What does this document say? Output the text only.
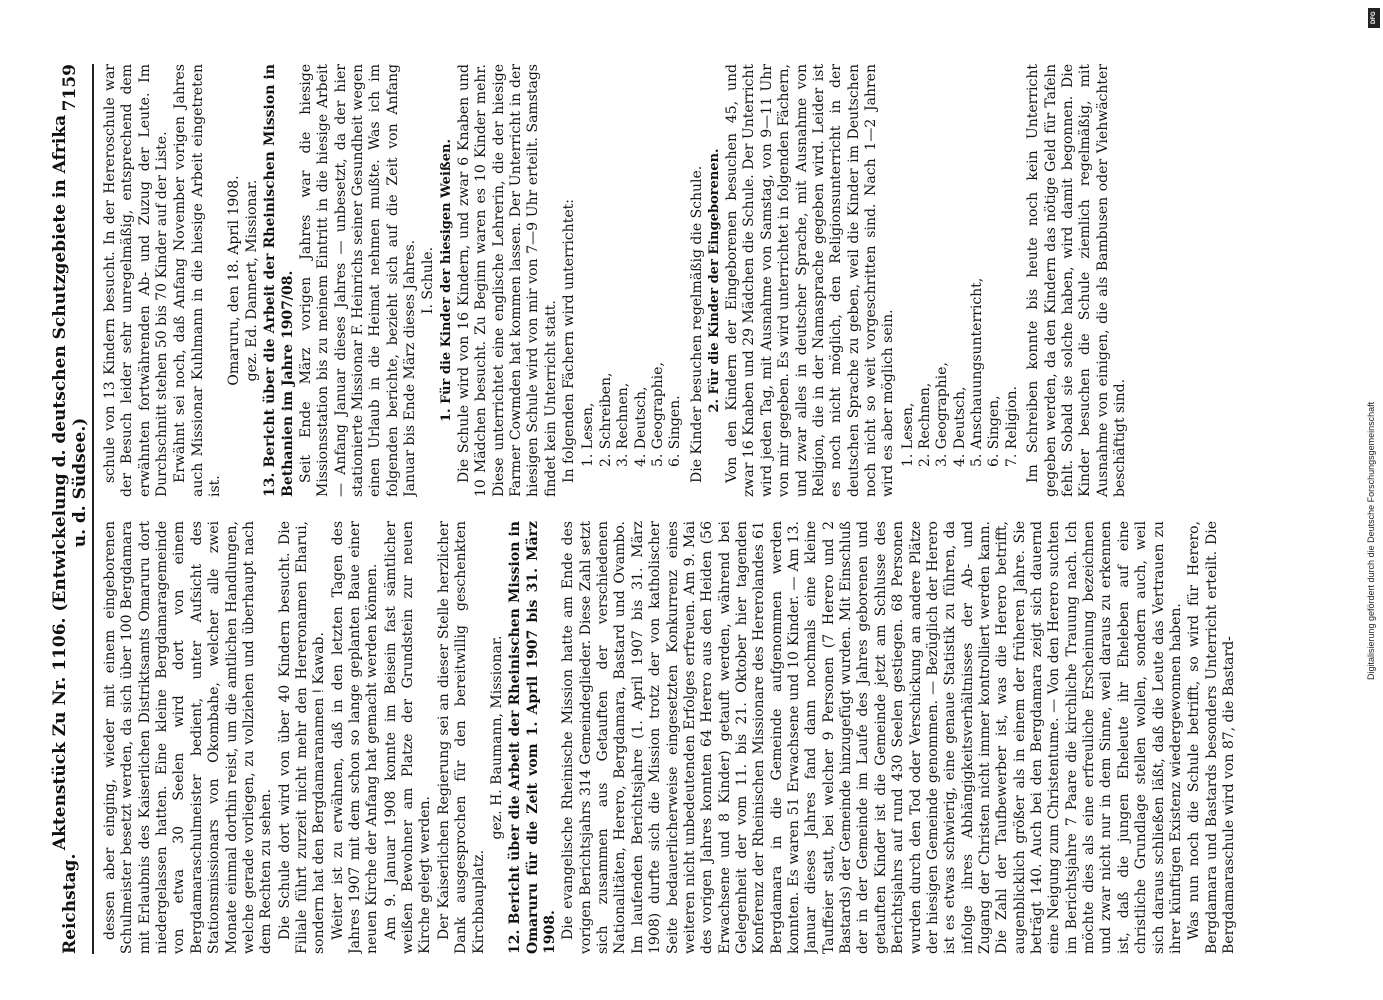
Reichstag.
Aktenstück Zu Nr. 1106. (Entwickelung d. deutschen Schutzgebiete in Afrika u. d. Südsee.)
7159

dessen aber einging, wieder mit einem eingeborenen Schulmeister besetzt werden, da sich über 100 Bergdamara mit Erlaubnis des Kaiserlichen Distriktsamts Omaruru dort niedergelassen hatten. Eine kleine Bergdamaragemeinde von etwa 30 Seelen wird dort von einem Bergdamaraschulmeister bedient, unter Aufsicht des Stationsmissionars von Okombahe, welcher alle zwei Monate einmal dorthin reist, um die amtlichen Handlungen, welche gerade vorliegen, zu vollziehen und überhaupt nach dem Rechten zu sehen. Die Schule dort wird von über 40 Kindern besucht. Die Filiale führt zurzeit nicht mehr den Hereronamen Eharui, sondern hat den Bergdamaranamen ǃ Kawab. Weiter ist zu erwähnen, daß in den letzten Tagen des Jahres 1907 mit dem schon so lange geplanten Baue einer neuen Kirche der Anfang hat gemacht werden können. Am 9. Januar 1908 konnte im Beisein fast sämtlicher weißen Bewohner am Platze der Grundstein zur neuen Kirche gelegt werden. Der Kaiserlichen Regierung sei an dieser Stelle herzlicher Dank ausgesprochen für den bereitwillig geschenkten Kirchbauplatz.

gez. H. Baumann, Missionar. 12. Bericht über die Arbeit der Rheinischen Mission in Omaruru für die Zeit vom 1. April 1907 bis 31. März 1908. Die evangelische Rheinische Mission hatte am Ende des vorigen Berichtsjahrs 314 Gemeindeglieder. Diese Zahl setzt sich zusammen aus Getauften der verschiedenen Nationalitäten, Herero, Bergdamara, Bastard und Ovambo. Im laufenden Berichtsjahre (1. April 1907 bis 31. März 1908) durfte sich die Mission trotz der von katholischer Seite bedauerlicherweise eingesetzten Konkurrenz eines weiteren nicht unbedeutenden Erfolges erfreuen. Am 9. Mai des vorigen Jahres konnten 64 Herero aus den Heiden (56 Erwachsene und 8 Kinder) getauft werden, während bei Gelegenheit der vom 11. bis 21. Oktober hier tagenden Konferenz der Rheinischen Missionare des Hererolandes 61 Bergdamara in die Gemeinde aufgenommen werden konnten. Es waren 51 Erwachsene und 10 Kinder. — Am 13. Januar dieses Jahres fand dann nochmals eine kleine Tauffeier statt, bei welcher 9 Personen (7 Herero und 2 Bastards) der Gemeinde hinzugefügt wurden. Mit Einschluß der in der Gemeinde im Laufe des Jahres geborenen und getauften Kinder ist die Gemeinde jetzt am Schlusse des Berichtsjahrs auf rund 430 Seelen gestiegen. 68 Personen wurden durch den Tod oder Verschickung an andere Plätze der hiesigen Gemeinde genommen. — Bezüglich der Herero ist es etwas schwierig, eine genaue Statistik zu führen, da infolge ihres Abhängigkeitsverhältnisses der Ab- und Zugang der Christen nicht immer kontrolliert werden kann. Die Zahl der Taufbewerber ist, was die Herero betrifft, augenblicklich größer als in einem der früheren Jahre. Sie beträgt 140. Auch bei den Bergdamara zeigt sich dauernd eine Neigung zum Christentume. — Von den Herero suchten im Berichtsjahre 7 Paare die kirchliche Trauung nach. Ich möchte dies als eine erfreuliche Erscheinung bezeichnen und zwar nicht nur in dem Sinne, weil daraus zu erkennen ist, daß die jungen Eheleute ihr Eheleben auf eine christliche Grundlage stellen wollen, sondern auch, weil sich daraus schließen läßt, daß die Leute das Vertrauen zu ihrer künftigen Existenz wiedergewonnen haben. Was nun noch die Schule betrifft, so wird für Herero, Bergdamara und Bastards besonders Unterricht erteilt. Die Bergdamaraschule wird von 87, die Bastard-

schule von 13 Kindern besucht. In der Hereroschule war der Besuch leider sehr unregelmäßig, entsprechend dem erwähnten fortwährenden Ab- und Zuzug der Leute. Im Durchschnitt stehen 50 bis 70 Kinder auf der Liste. Erwähnt sei noch, daß Anfang November vorigen Jahres auch Missionar Kuhlmann in die hiesige Arbeit eingetreten ist.

Omaruru, den 18. April 1908. gez. Ed. Dannert, Missionar. 13. Bericht über die Arbeit der Rheinischen Mission in Bethanien im Jahre 1907/08. Seit Ende März vorigen Jahres war die hiesige Missionsstation bis zu meinem Eintritt in die hiesige Arbeit — Anfang Januar dieses Jahres — unbesetzt, da der hier stationierte Missionar F. Heinrichs seiner Gesundheit wegen einen Urlaub in die Heimat nehmen mußte. Was ich im folgenden berichte, bezieht sich auf die Zeit von Anfang Januar bis Ende März dieses Jahres. I. Schule. 1. Für die Kinder der hiesigen Weißen. Die Schule wird von 16 Kindern, und zwar 6 Knaben und 10 Mädchen besucht. Zu Beginn waren es 10 Kinder mehr. Diese unterrichtet eine englische Lehrerin, die der hiesige Farmer Cowmden hat kommen lassen. Der Unterricht in der hiesigen Schule wird von mir von 7—9 Uhr erteilt. Samstags findet kein Unterricht statt. In folgenden Fächern wird unterrichtet: 1. Lesen, 2. Schreiben, 3. Rechnen, 4. Deutsch, 5. Geographie, 6. Singen. Die Kinder besuchen regelmäßig die Schule. 2. Für die Kinder der Eingeborenen. Von den Kindern der Eingeborenen besuchen 45, und zwar 16 Knaben und 29 Mädchen die Schule. Der Unterricht wird jeden Tag, mit Ausnahme von Samstag, von 9—11 Uhr von mir gegeben. Es wird unterrichtet in folgenden Fächern, und zwar alles in deutscher Sprache, mit Ausnahme von Religion, die in der Namasprache gegeben wird. Leider ist es noch nicht möglich, den Religionsunterricht in der deutschen Sprache zu geben, weil die Kinder im Deutschen noch nicht so weit vorgeschritten sind. Nach 1—2 Jahren wird es aber möglich sein. 1. Lesen, 2. Rechnen, 3. Geographie, 4. Deutsch, 5. Anschauungsunterricht, 6. Singen, 7. Religion. Im Schreiben konnte bis heute noch kein Unterricht gegeben werden, da den Kindern das nötige Geld für Tafeln fehlt. Sobald sie solche haben, wird damit begonnen. Die Kinder besuchen die Schule ziemlich regelmäßig, mit Ausnahme von einigen, die als Bambusen oder Viehwächter beschäftigt sind.

DFG
Digitalisierung gefördert durch die Deutsche Forschungsgemeinschaft
